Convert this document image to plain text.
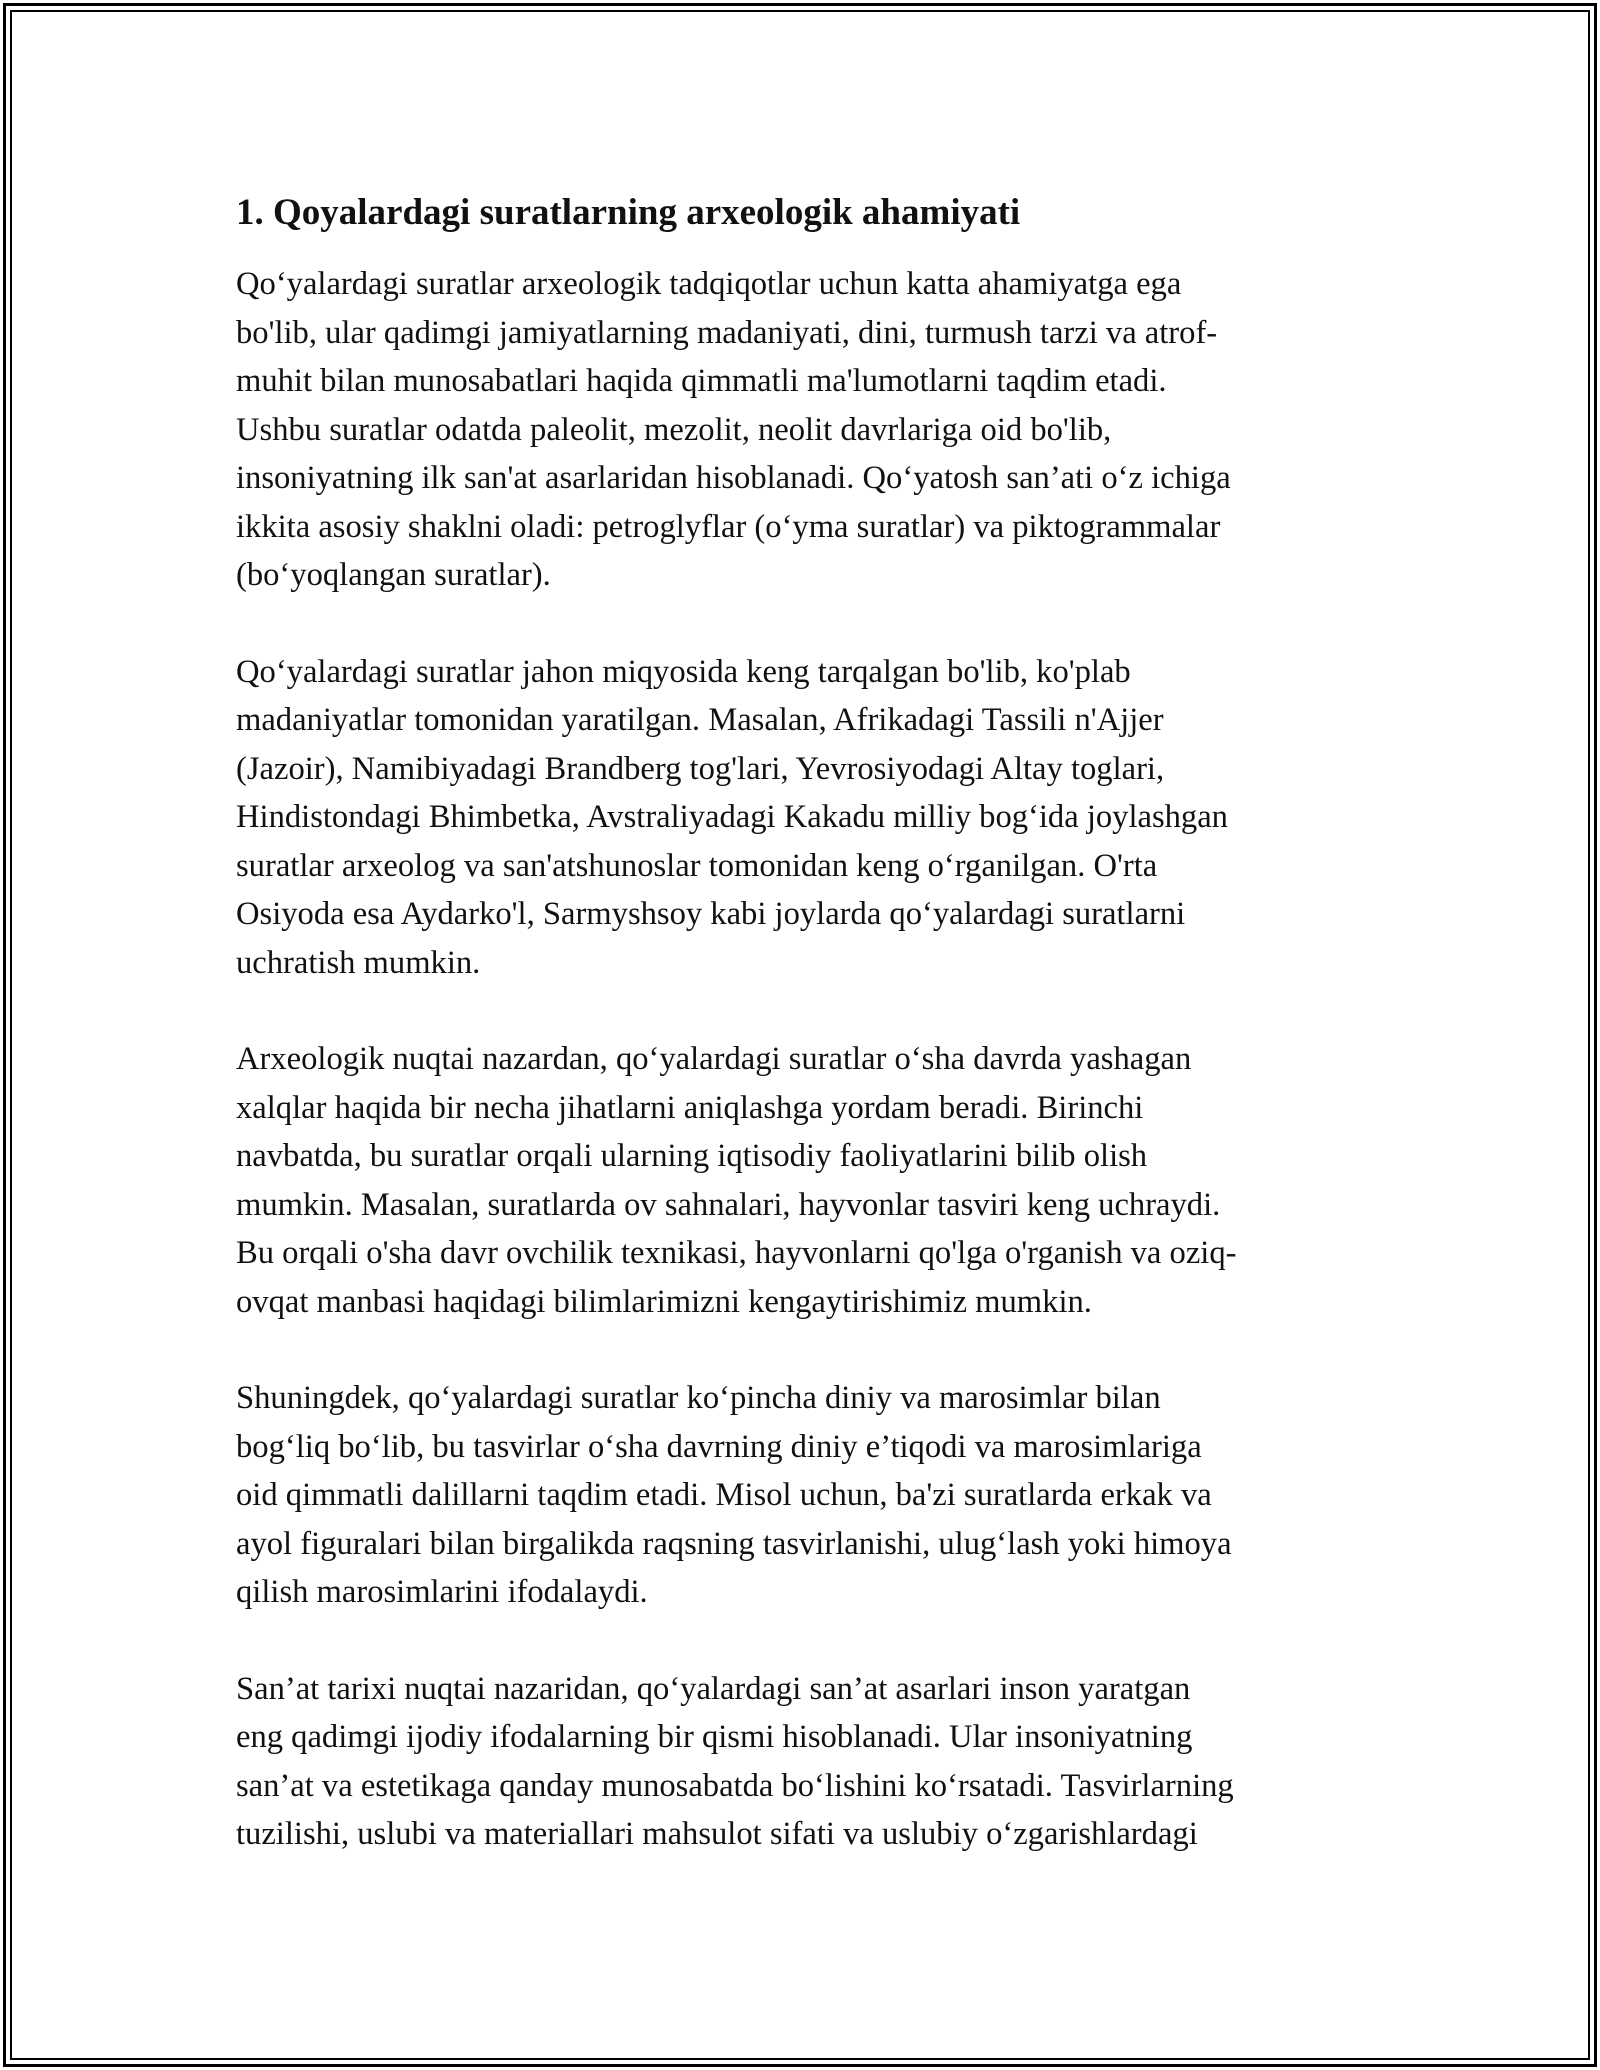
1. Qoyalardagi suratlarning arxeologik ahamiyati

Qo‘yalardagi suratlar arxeologik tadqiqotlar uchun katta ahamiyatga ega
bo'lib, ular qadimgi jamiyatlarning madaniyati, dini, turmush tarzi va atrof-
muhit bilan munosabatlari haqida qimmatli ma'lumotlarni taqdim etadi.
Ushbu suratlar odatda paleolit, mezolit, neolit davrlariga oid bo'lib,
insoniyatning ilk san'at asarlaridan hisoblanadi. Qo‘yatosh san’ati o‘z ichiga
ikkita asosiy shaklni oladi: petroglyflar (o‘yma suratlar) va piktogrammalar
(bo‘yoqlangan suratlar).

Qo‘yalardagi suratlar jahon miqyosida keng tarqalgan bo'lib, ko'plab
madaniyatlar tomonidan yaratilgan. Masalan, Afrikadagi Tassili n'Ajjer
(Jazoir), Namibiyadagi Brandberg tog'lari, Yevrosiyodagi Altay toglari,
Hindistondagi Bhimbetka, Avstraliyadagi Kakadu milliy bog‘ida joylashgan
suratlar arxeolog va san'atshunoslar tomonidan keng o‘rganilgan. O'rta
Osiyoda esa Aydarko'l, Sarmyshsoy kabi joylarda qo‘yalardagi suratlarni
uchratish mumkin.

Arxeologik nuqtai nazardan, qo‘yalardagi suratlar o‘sha davrda yashagan
xalqlar haqida bir necha jihatlarni aniqlashga yordam beradi. Birinchi
navbatda, bu suratlar orqali ularning iqtisodiy faoliyatlarini bilib olish
mumkin. Masalan, suratlarda ov sahnalari, hayvonlar tasviri keng uchraydi.
Bu orqali o'sha davr ovchilik texnikasi, hayvonlarni qo'lga o'rganish va oziq-
ovqat manbasi haqidagi bilimlarimizni kengaytirishimiz mumkin.

Shuningdek, qo‘yalardagi suratlar ko‘pincha diniy va marosimlar bilan
bog‘liq bo‘lib, bu tasvirlar o‘sha davrning diniy e’tiqodi va marosimlariga
oid qimmatli dalillarni taqdim etadi. Misol uchun, ba'zi suratlarda erkak va
ayol figuralari bilan birgalikda raqsning tasvirlanishi, ulug‘lash yoki himoya
qilish marosimlarini ifodalaydi.

San’at tarixi nuqtai nazaridan, qo‘yalardagi san’at asarlari inson yaratgan
eng qadimgi ijodiy ifodalarning bir qismi hisoblanadi. Ular insoniyatning
san’at va estetikaga qanday munosabatda bo‘lishini ko‘rsatadi. Tasvirlarning
tuzilishi, uslubi va materiallari mahsulot sifati va uslubiy o‘zgarishlardagi
